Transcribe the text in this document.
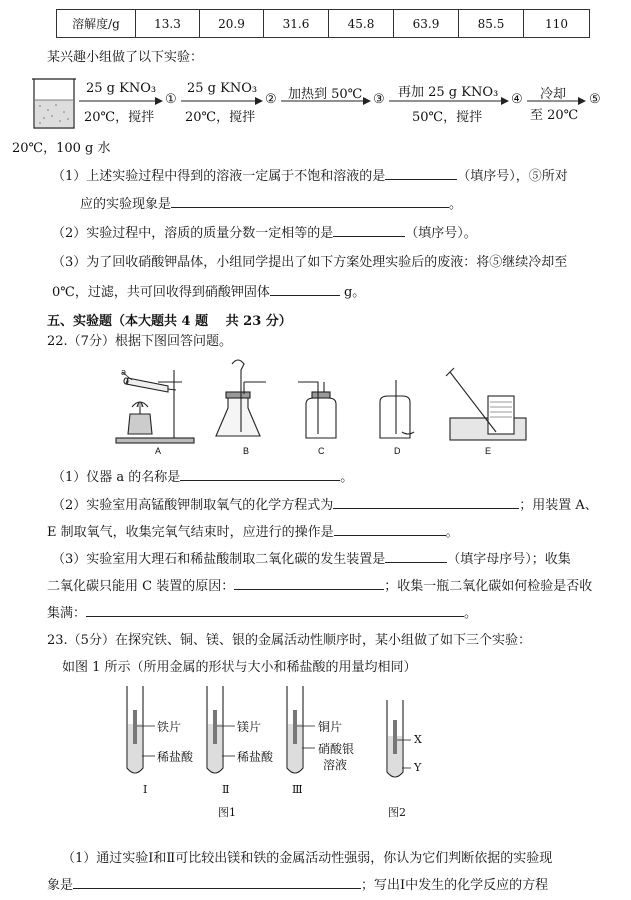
溶解度/g	13.3	20.9	31.6	45.8	63.9	85.5	110
某兴趣小组做了以下实验：
20℃，100 g 水
25 g KNO₃
20℃，搅拌
①
25 g KNO₃
20℃，搅拌
② 加热到 50℃ ③ 再加 25 g KNO₃
50℃，搅拌
④ 冷却
至 20℃
⑤
（1）上述实验过程中得到的溶液一定属于不饱和溶液的是	（填序号），⑤所对
应的实验现象是	。
（2）实验过程中，溶质的质量分数一定相等的是	（填序号）。
（3）为了回收硝酸钾晶体，小组同学提出了如下方案处理实验后的废液：将⑤继续冷却至
0℃，过滤，共可回收得到硝酸钾固体	g。
五、实验题（本大题共 4 题　 共 23 分）
22.（7分）根据下图回答问题。
a
A	B	C	D	E
（1）仪器 a 的名称是	。
（2）实验室用高锰酸钾制取氧气的化学方程式为	；用装置 A、
E 制取氧气，收集完氧气结束时，应进行的操作是	。
（3）实验室用大理石和稀盐酸制取二氧化碳的发生装置是	（填字母序号）；收集
二氧化碳只能用 C 装置的原因：	；收集一瓶二氧化碳如何检验是否收
集满：	。
23.（5分）在探究铁、铜、镁、银的金属活动性顺序时，某小组做了如下三个实验：
如图 1 所示（所用金属的形状与大小和稀盐酸的用量均相同）
铁片
稀盐酸
Ⅰ
镁片
稀盐酸
Ⅱ
铜片
硝酸银
溶液
Ⅲ
X
Y
图1	图2
（1）通过实验Ⅰ和Ⅱ可比较出镁和铁的金属活动性强弱，你认为它们判断依据的实验现
象是	；写出Ⅰ中发生的化学反应的方程
